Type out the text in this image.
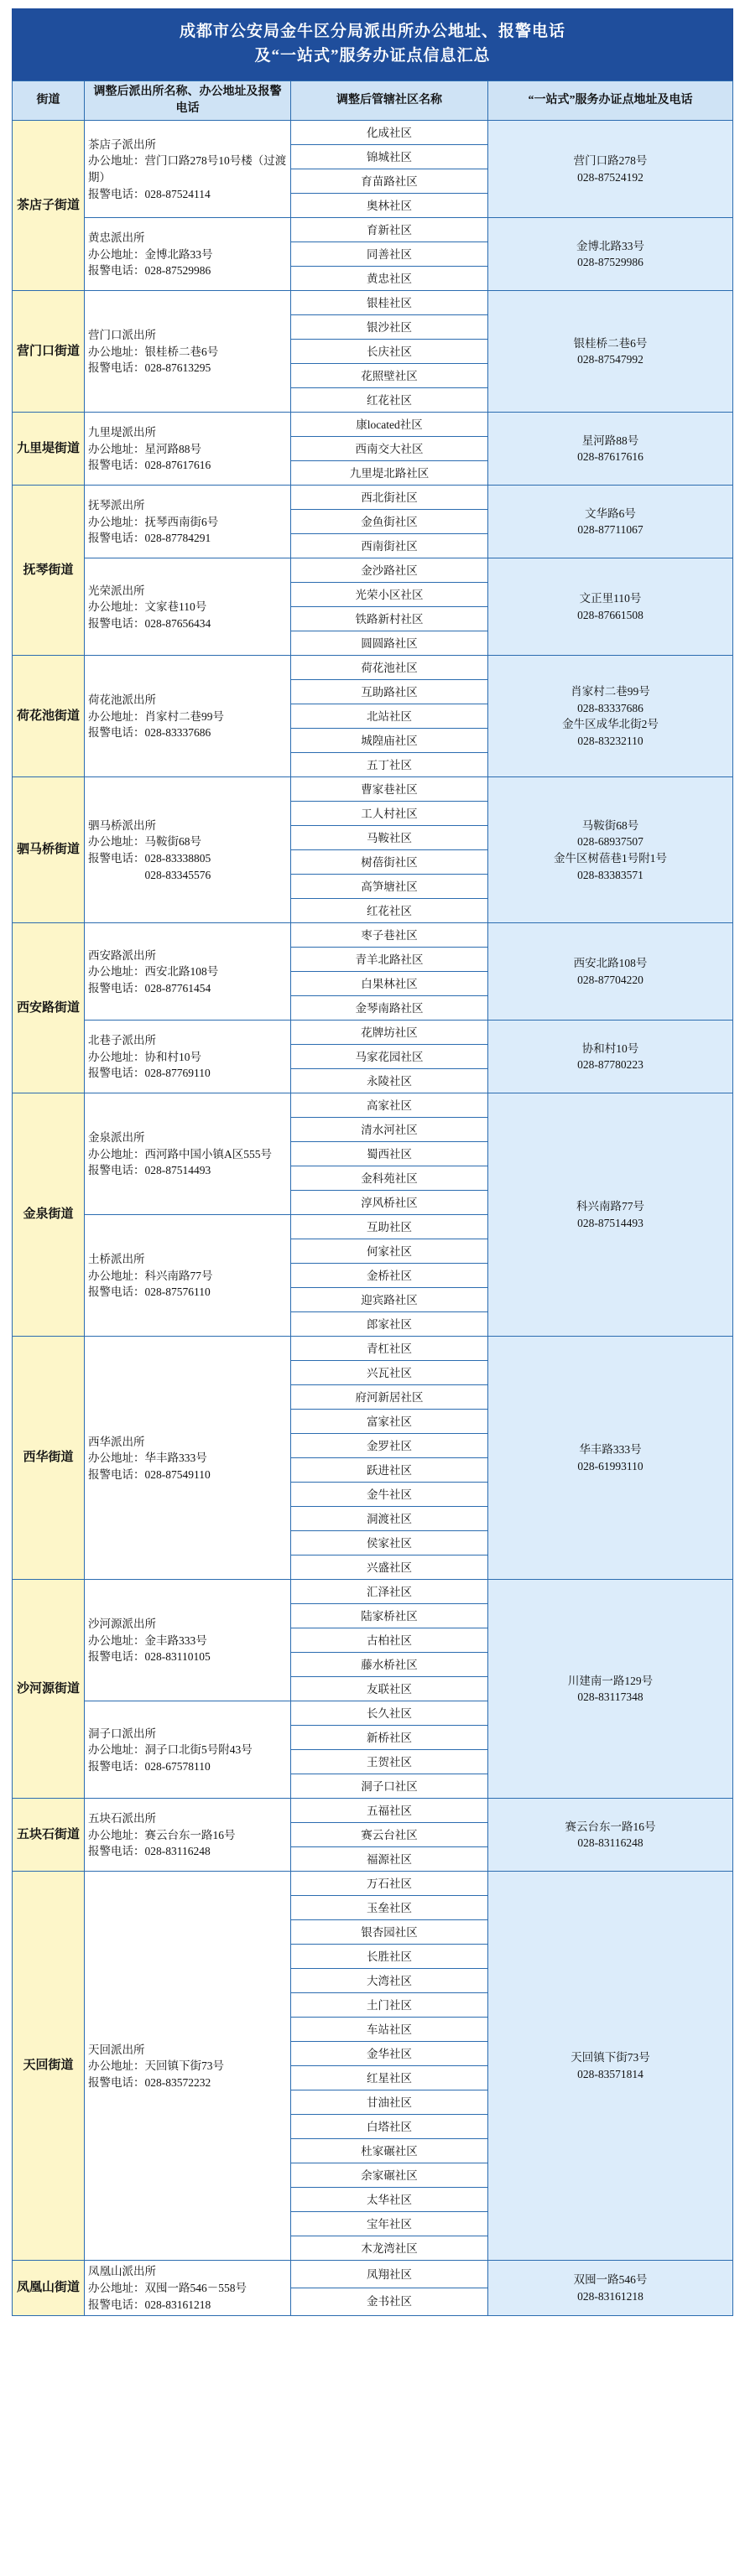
成都市公安局金牛区分局派出所办公地址、报警电话
及“一站式”服务办证点信息汇总
街道	调整后派出所名称、办公地址及报警电话	调整后管辖社区名称	“一站式”服务办证点地址及电话
茶店子街道	茶店子派出所
办公地址：营门口路278号10号楼（过渡期）
报警电话：028-87524114	化成社区	营门口路278号
028-87524192

		锦城社区	
		育苗路社区	
		奥林社区	

	黄忠派出所
办公地址：金博北路33号
报警电话：028-87529986	育新社区	金博北路33号
028-87529986

		同善社区	
		黄忠社区	
营门口街道	营门口派出所
办公地址：银桂桥二巷6号
报警电话：028-87613295	银桂社区	银桂桥二巷6号
028-87547992

		银沙社区	
		长庆社区	
		花照壁社区	
		红花社区	
九里堤街道	九里堤派出所
办公地址：星河路88号
报警电话：028-87617616	康located社区	星河路88号
028-87617616

		西南交大社区	
		九里堤北路社区	
抚琴街道	抚琴派出所
办公地址：抚琴西南街6号
报警电话：028-87784291	西北街社区	文华路6号
028-87711067

		金鱼街社区	
		西南街社区	

	光荣派出所
办公地址：文家巷110号
报警电话：028-87656434	金沙路社区	文正里110号
028-87661508

		光荣小区社区	
		铁路新村社区	
		圆圆路社区	
荷花池街道	荷花池派出所
办公地址：肖家村二巷99号
报警电话：028-83337686	荷花池社区	肖家村二巷99号
028-83337686
金牛区成华北街2号
028-83232110

		互助路社区	
		北站社区	
		城隍庙社区	
		五丁社区	
驷马桥街道	驷马桥派出所
办公地址：马鞍街68号
报警电话：028-83338805
　　　　　028-83345576	曹家巷社区	马鞍街68号
028-68937507
金牛区树蓓巷1号附1号
028-83383571

		工人村社区	
		马鞍社区	
		树蓓街社区	
		高笋塘社区	
		红花社区	
西安路街道	西安路派出所
办公地址：西安北路108号
报警电话：028-87761454	枣子巷社区	西安北路108号
028-87704220

		青羊北路社区	
		白果林社区	
		金琴南路社区	

	北巷子派出所
办公地址：协和村10号
报警电话：028-87769110	花牌坊社区	协和村10号
028-87780223

		马家花园社区	
		永陵社区	
金泉街道	金泉派出所
办公地址：西河路中国小镇A区555号
报警电话：028-87514493	高家社区	科兴南路77号
028-87514493

		清水河社区	
		蜀西社区	
		金科苑社区	
		淳风桥社区	

	土桥派出所
办公地址：科兴南路77号
报警电话：028-87576110	互助社区	
		何家社区	
		金桥社区	
		迎宾路社区	
		郎家社区	
西华街道	西华派出所
办公地址：华丰路333号
报警电话：028-87549110	青杠社区	华丰路333号
028-61993110

		兴瓦社区	
		府河新居社区	
		富家社区	
		金罗社区	
		跃进社区	
		金牛社区	
		洞渡社区	
		侯家社区	
		兴盛社区	
沙河源街道	沙河源派出所
办公地址：金丰路333号
报警电话：028-83110105	汇泽社区	川建南一路129号
028-83117348

		陆家桥社区	
		古柏社区	
		藤水桥社区	
		友联社区	

	洞子口派出所
办公地址：洞子口北街5号附43号
报警电话：028-67578110	长久社区	
		新桥社区	
		王贺社区	
		洞子口社区	
五块石街道	五块石派出所
办公地址：赛云台东一路16号
报警电话：028-83116248	五福社区	赛云台东一路16号
028-83116248

		赛云台社区	
		福源社区	
天回街道	天回派出所
办公地址：天回镇下街73号
报警电话：028-83572232	万石社区	天回镇下街73号
028-83571814

		玉垒社区	
		银杏园社区	
		长胜社区	
		大湾社区	
		土门社区	
		车站社区	
		金华社区	
		红星社区	
		甘油社区	
		白塔社区	
		杜家碾社区	
		余家碾社区	
		太华社区	
		宝年社区	
		木龙湾社区	
凤凰山街道	凤凰山派出所
办公地址：双囤一路546－558号
报警电话：028-83161218	凤翔社区	双囤一路546号
028-83161218

		金书社区	
